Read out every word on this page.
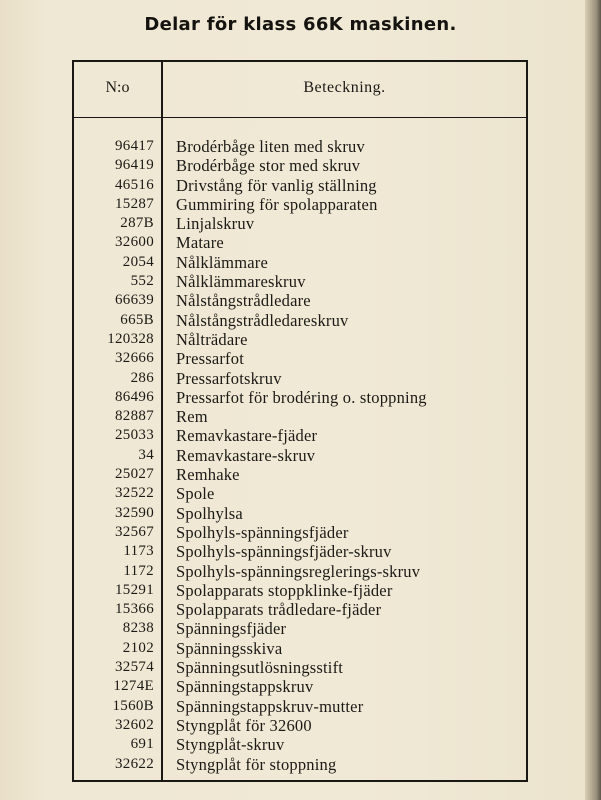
Delar för klass 66K maskinen.
N:o	Beteckning.
96417 Brodérbåge liten med skruv
96419 Brodérbåge stor med skruv
46516 Drivstång för vanlig ställning
15287 Gummiring för spolapparaten
287B Linjalskruv
32600 Matare
2054 Nålklämmare
552 Nålklämmareskruv
66639 Nålstångstrådledare
665B Nålstångstrådledareskruv
120328 Nålträdare
32666 Pressarfot
286 Pressarfotskruv
86496 Pressarfot för brodéring o. stoppning
82887 Rem
25033 Remavkastare-fjäder
34 Remavkastare-skruv
25027 Remhake
32522 Spole
32590 Spolhylsa
32567 Spolhyls-spänningsfjäder
1173 Spolhyls-spänningsfjäder-skruv
1172 Spolhyls-spänningsreglerings-skruv
15291 Spolapparats stoppklinke-fjäder
15366 Spolapparats trådledare-fjäder
8238 Spänningsfjäder
2102 Spänningsskiva
32574 Spänningsutlösningsstift
1274E Spänningstappskruv
1560B Spänningstappskruv-mutter
32602 Styngplåt för 32600
691 Styngplåt-skruv
32622 Styngplåt för stoppning
